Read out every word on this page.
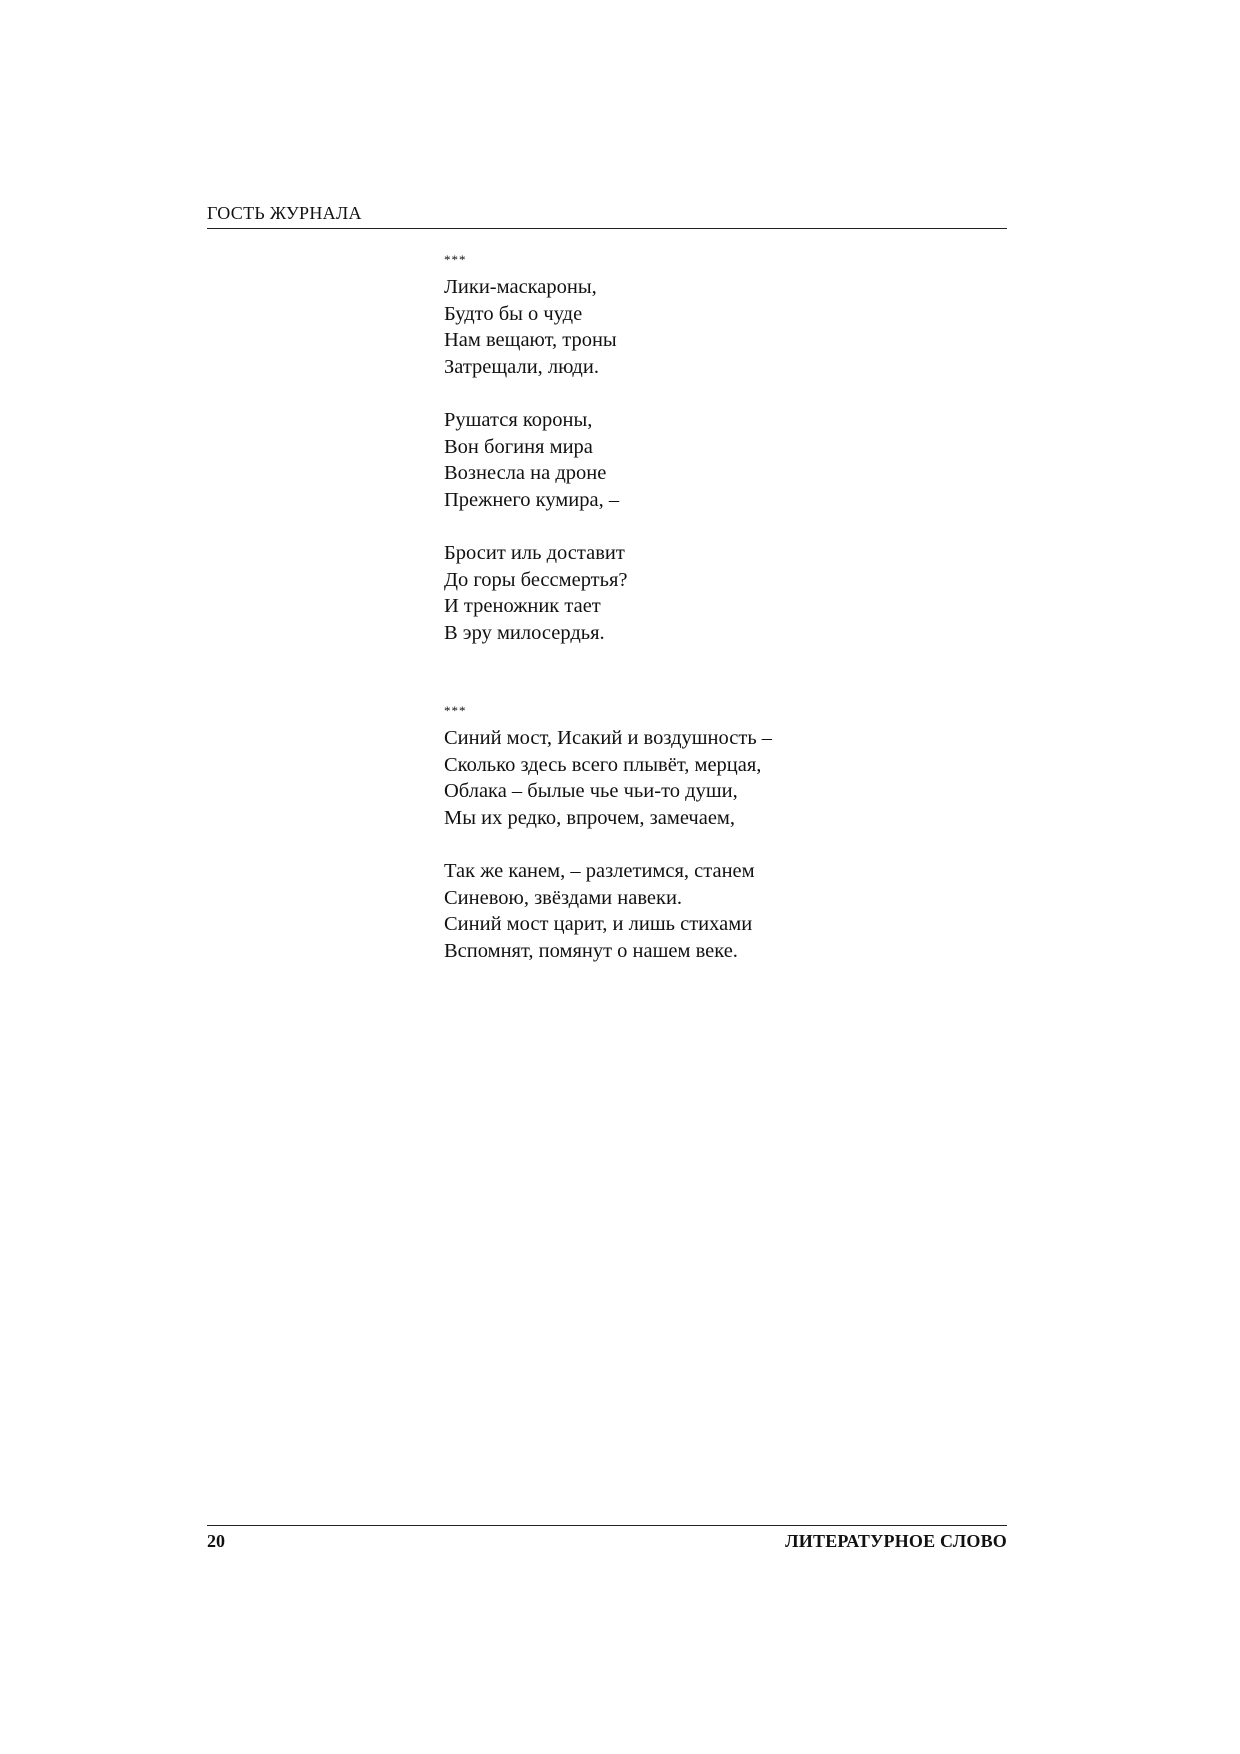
ГОСТЬ ЖУРНАЛА
***
Лики-маскароны,
Будто бы о чуде
Нам вещают, троны
Затрещали, люди.
Рушатся короны,
Вон богиня мира
Вознесла на дроне
Прежнего кумира, –
Бросит иль доставит
До горы бессмертья?
И треножник тает
В эру милосердья.
***
Синий мост, Исакий и воздушность –
Сколько здесь всего плывёт, мерцая,
Облака – былые чье чьи-то души,
Мы их редко, впрочем, замечаем,
Так же канем, – разлетимся, станем
Синевою, звёздами навеки.
Синий мост царит, и лишь стихами
Вспомнят, помянут о нашем веке.
20	ЛИТЕРАТУРНОЕ СЛОВО
